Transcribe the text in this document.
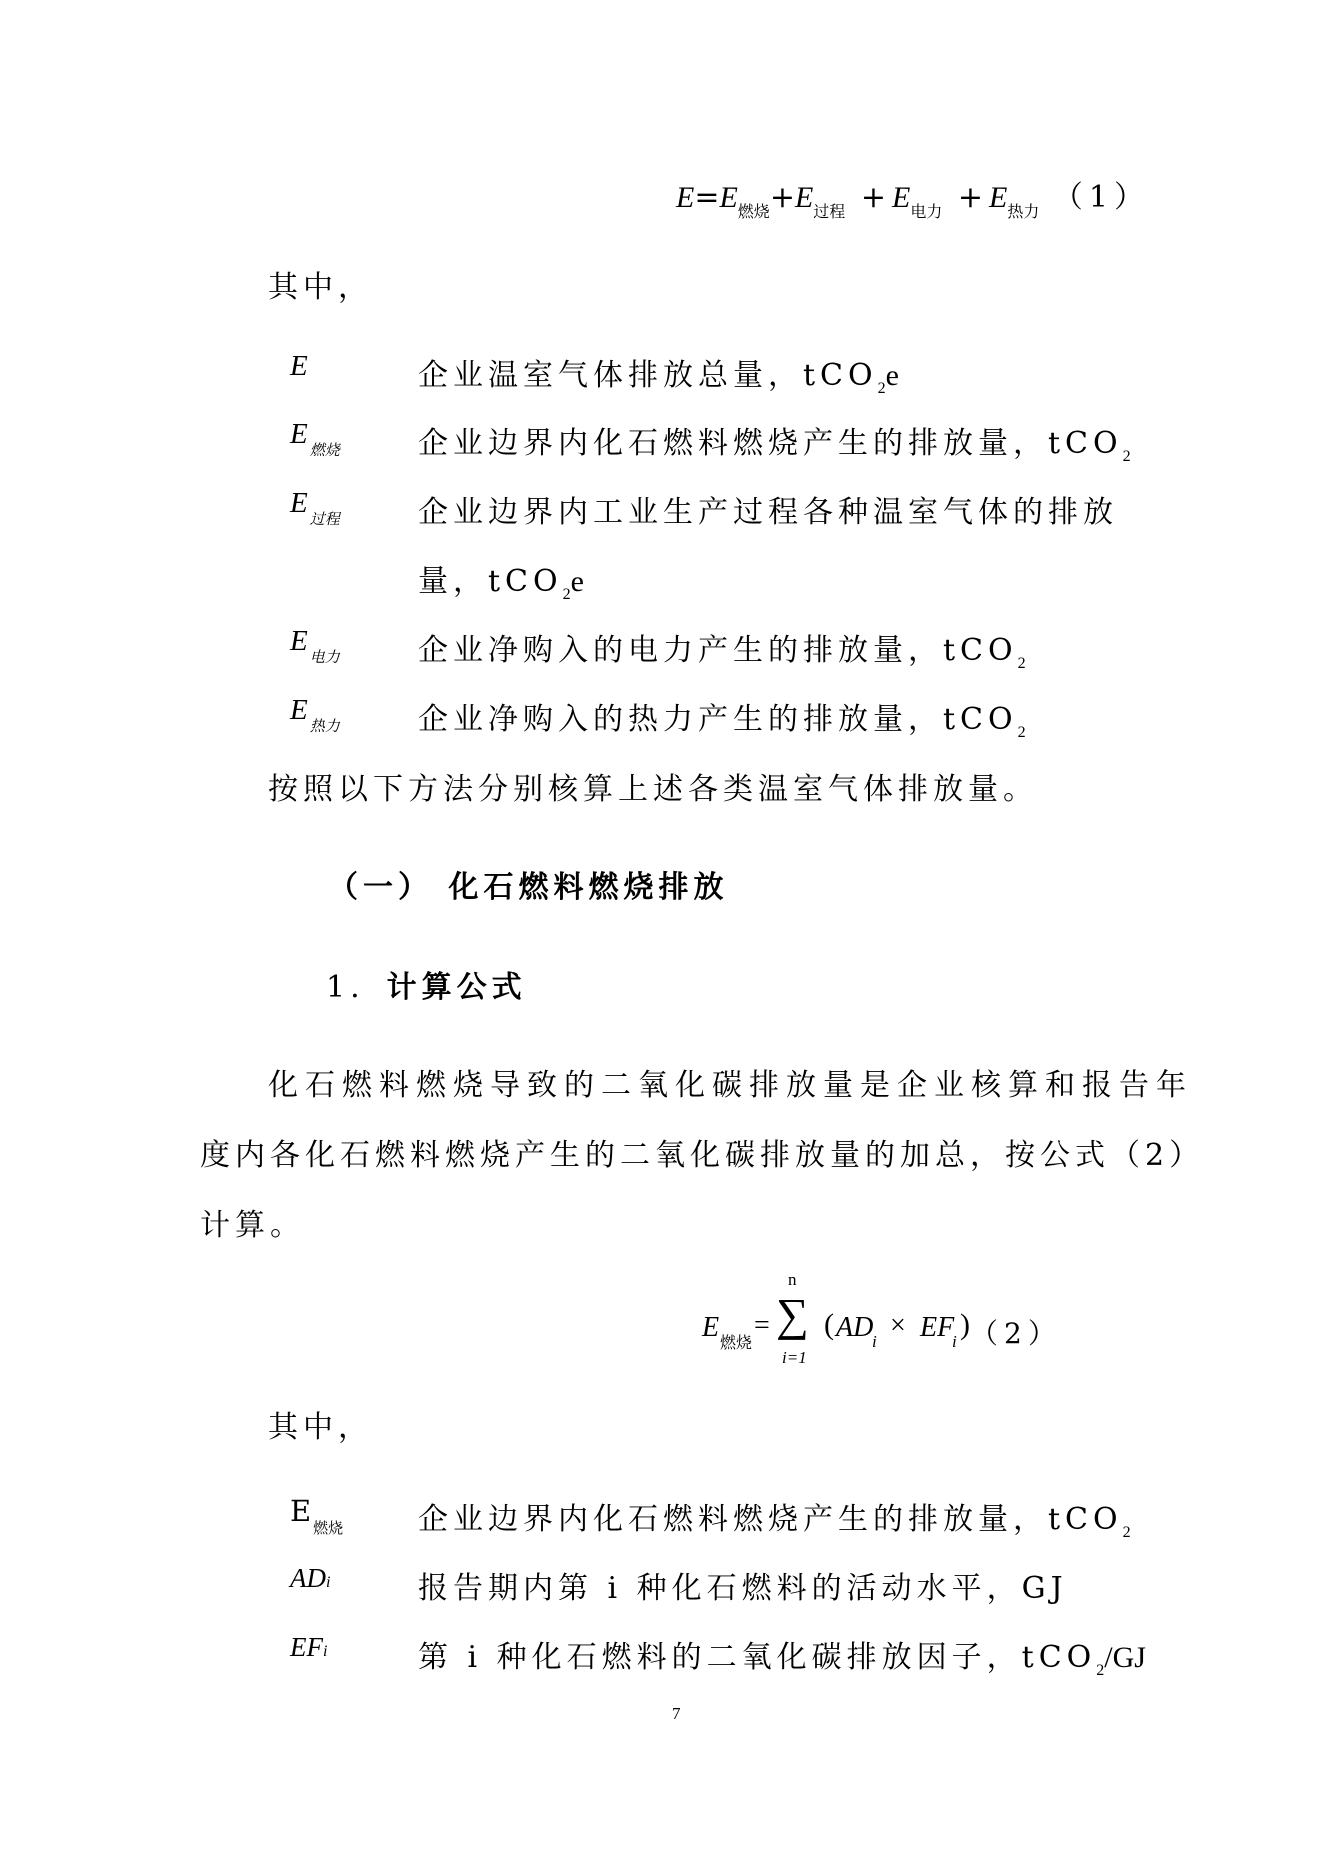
$E=E_{燃烧}+E_{过程} + E_{电力} + E_{热力}$ （1）
其中，
E	企业温室气体排放总量，tCO$_2$e
$E_{燃烧}$	企业边界内化石燃料燃烧产生的排放量，tCO$_2$
$E_{过程}$	企业边界内工业生产过程各种温室气体的排放
量，tCO$_2$e
$E_{电力}$	企业净购入的电力产生的排放量，tCO$_2$
$E_{热力}$	企业净购入的热力产生的排放量，tCO$_2$
按照以下方法分别核算上述各类温室气体排放量。
（一） 化石燃料燃烧排放
1. 计算公式
化石燃料燃烧导致的二氧化碳排放量是企业核算和报告年
度内各化石燃料燃烧产生的二氧化碳排放量的加总，按公式（2）
计算。
E
燃烧
=
n
∑
i=1
( AD
i
× EF
i
) （2）
其中，
E $_{燃烧}$ 企业边界内化石燃料燃烧产生的排放量，tCO$_2$
ADi	报告期内第 i 种化石燃料的活动水平，GJ
EFi	第 i 种化石燃料的二氧化碳排放因子，tCO$_2$/GJ
7
